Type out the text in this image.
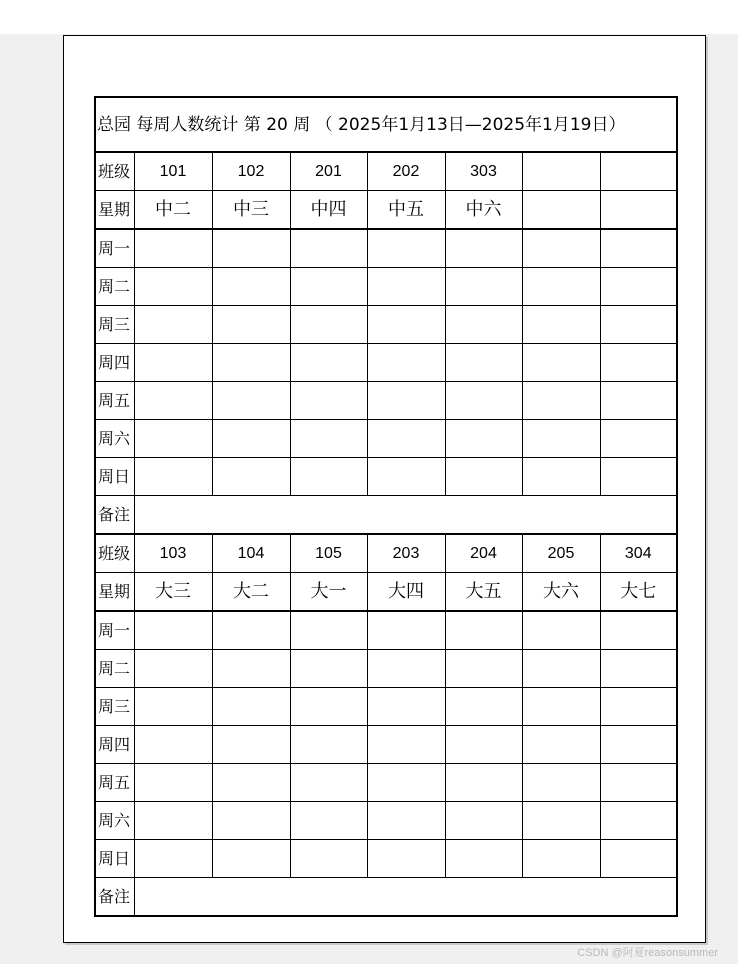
总园 每周人数统计 第 20 周 （ 2025年1月13日—2025年1月19日）							
班级	101	102	201	202	303		
星期	中二	中三	中四	中五	中六		
周一							
周二							
周三							
周四							
周五							
周六							
周日							
备注							
班级	103	104	105	203	204	205	304
星期	大三	大二	大一	大四	大五	大六	大七
周一							
周二							
周三							
周四							
周五							
周六							
周日							
备注							
CSDN @阿夏reasonsummer
